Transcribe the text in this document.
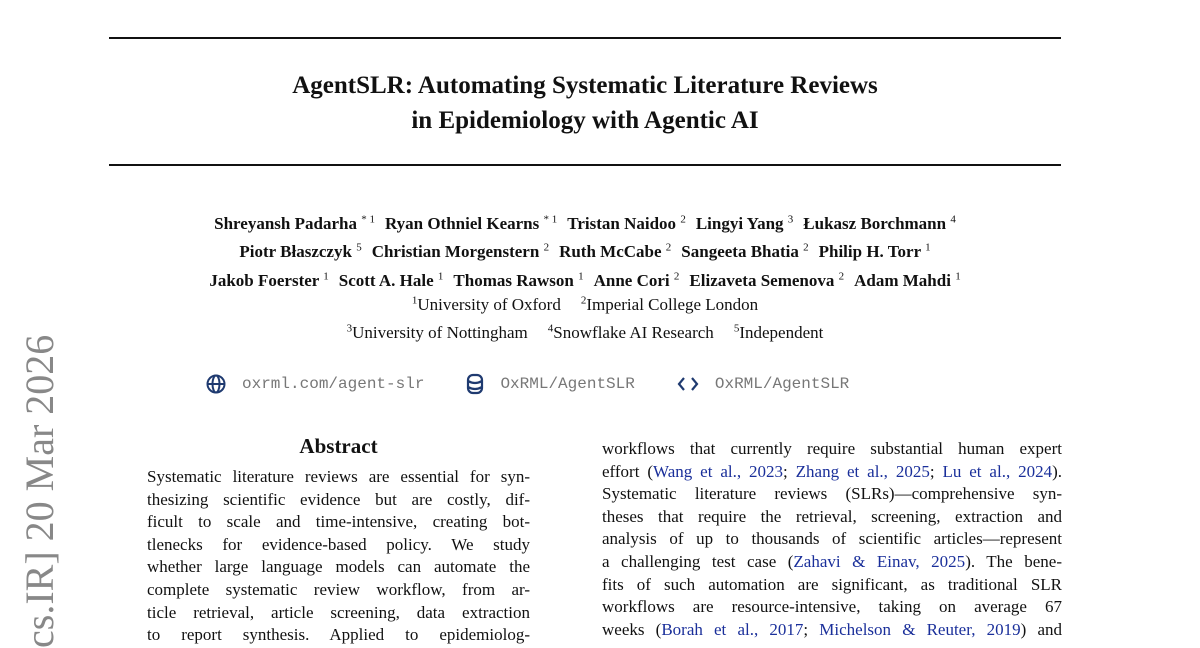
cs.IR] 20 Mar 2026
AgentSLR: Automating Systematic Literature Reviews
in Epidemiology with Agentic AI
Shreyansh Padarha $^{* 1}$ Ryan Othniel Kearns $^{* 1}$ Tristan Naidoo $^2$ Lingyi Yang $^3$ Łukasz Borchmann $^4$
Piotr Błaszczyk $^5$ Christian Morgenstern $^2$ Ruth McCabe $^2$ Sangeeta Bhatia $^2$ Philip H. Torr $^1$
Jakob Foerster $^1$ Scott A. Hale $^1$ Thomas Rawson $^1$ Anne Cori $^2$ Elizaveta Semenova $^2$ Adam Mahdi $^1$
$^1$University of Oxford $^2$Imperial College London
$^3$University of Nottingham $^4$Snowflake AI Research $^5$Independent
oxrml.com/agent-slr	OxRML/AgentSLR	OxRML/AgentSLR
Abstract
Systematic literature reviews are essential for syn-
thesizing scientific evidence but are costly, dif-
ficult to scale and time-intensive, creating bot-
tlenecks for evidence-based policy. We study
whether large language models can automate the
complete systematic review workflow, from ar-
ticle retrieval, article screening, data extraction
to report synthesis. Applied to epidemiolog-
workflows that currently require substantial human expert
effort (Wang et al., 2023; Zhang et al., 2025; Lu et al., 2024).
Systematic literature reviews (SLRs)—comprehensive syn-
theses that require the retrieval, screening, extraction and
analysis of up to thousands of scientific articles—represent
a challenging test case (Zahavi & Einav, 2025). The bene-
fits of such automation are significant, as traditional SLR
workflows are resource-intensive, taking on average 67
weeks (Borah et al., 2017; Michelson & Reuter, 2019) and
